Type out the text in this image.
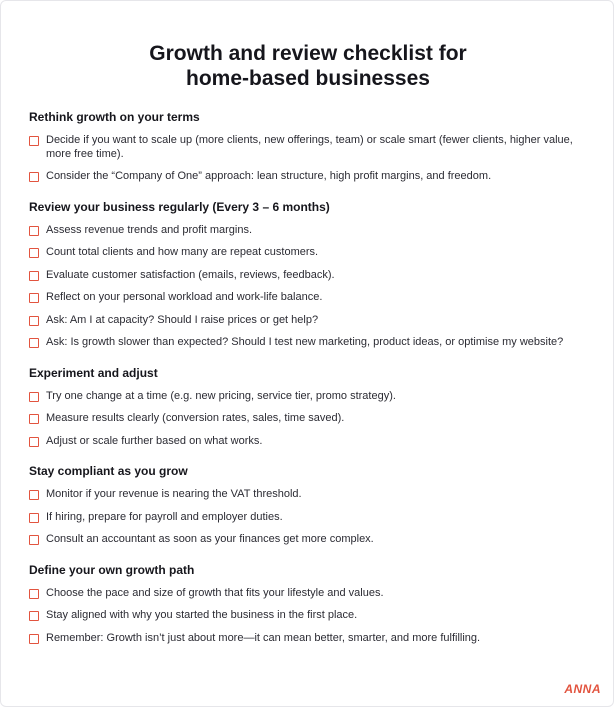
Growth and review checklist for
home-based businesses
Rethink growth on your terms
Decide if you want to scale up (more clients, new offerings, team) or scale smart (fewer clients, higher value, more free time).
Consider the “Company of One” approach: lean structure, high profit margins, and freedom.
Review your business regularly (Every 3 – 6 months)
Assess revenue trends and profit margins.
Count total clients and how many are repeat customers.
Evaluate customer satisfaction (emails, reviews, feedback).
Reflect on your personal workload and work-life balance.
Ask: Am I at capacity? Should I raise prices or get help?
Ask: Is growth slower than expected? Should I test new marketing, product ideas, or optimise my website?
Experiment and adjust
Try one change at a time (e.g. new pricing, service tier, promo strategy).
Measure results clearly (conversion rates, sales, time saved).
Adjust or scale further based on what works.
Stay compliant as you grow
Monitor if your revenue is nearing the VAT threshold.
If hiring, prepare for payroll and employer duties.
Consult an accountant as soon as your finances get more complex.
Define your own growth path
Choose the pace and size of growth that fits your lifestyle and values.
Stay aligned with why you started the business in the first place.
Remember: Growth isn’t just about more—it can mean better, smarter, and more fulfilling.
ANNA
